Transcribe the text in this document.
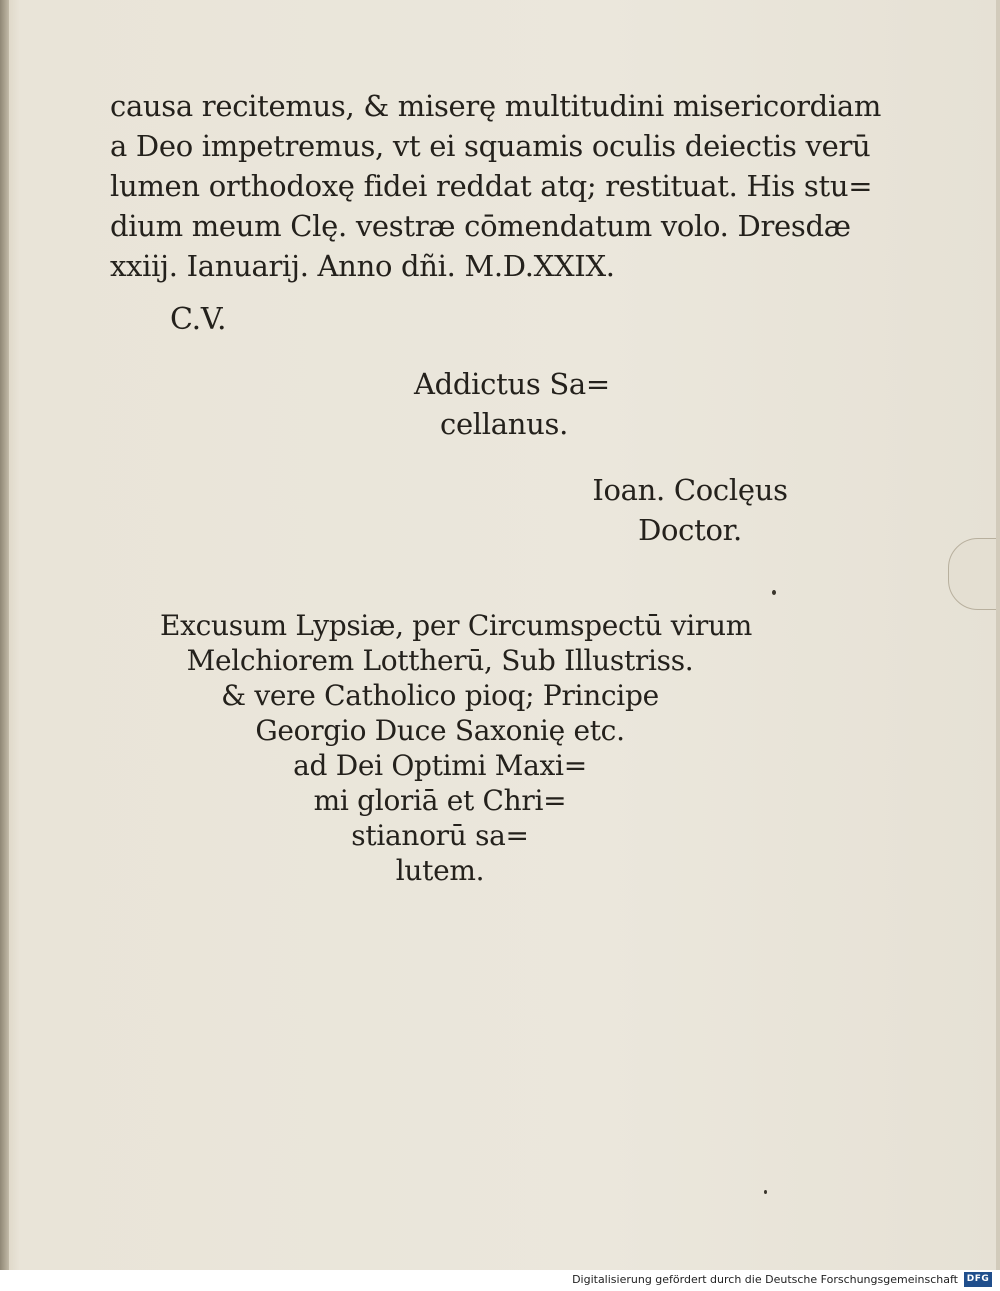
causa recitemus, & miserę multitudini misericordiam
a Deo impetremus, vt ei squamis oculis deiectis verū
lumen orthodoxę fidei reddat atq; restituat. His stu=
dium meum Clę. vestræ cōmendatum volo. Dresdæ
xxiij. Ianuarij. Anno dñi. M.D.XXIX.
C.V.
Addictus Sa=
cellanus.
Ioan. Coclęus
Doctor.
Excusum Lypsiæ, per Circumspectū virum
Melchiorem Lottherū, Sub Illustriss.
& vere Catholico pioq; Principe
Georgio Duce Saxonię etc.
ad Dei Optimi Maxi=
mi gloriā et Chri=
stianorū sa=
lutem.
Digitalisierung gefördert durch die Deutsche Forschungsgemeinschaft DFG
